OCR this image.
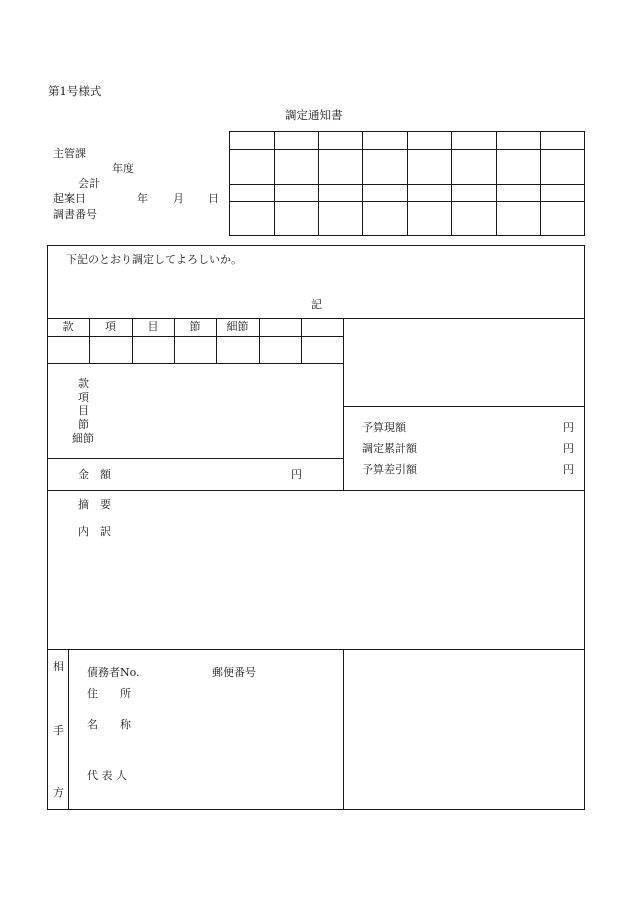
第1号様式
調定通知書
主管課
年度
会計
起案日	年 月 日
調書番号
下記のとおり調定してよろしいか。
記
款	項	目	節	細節
款
項
目
節
細節
金　額	円
予算現額	円
調定累計額	円
予算差引額	円
摘　要
内　訳
相
手
方
債務者No.	郵便番号
住　　所
名　　称
代 表 人
